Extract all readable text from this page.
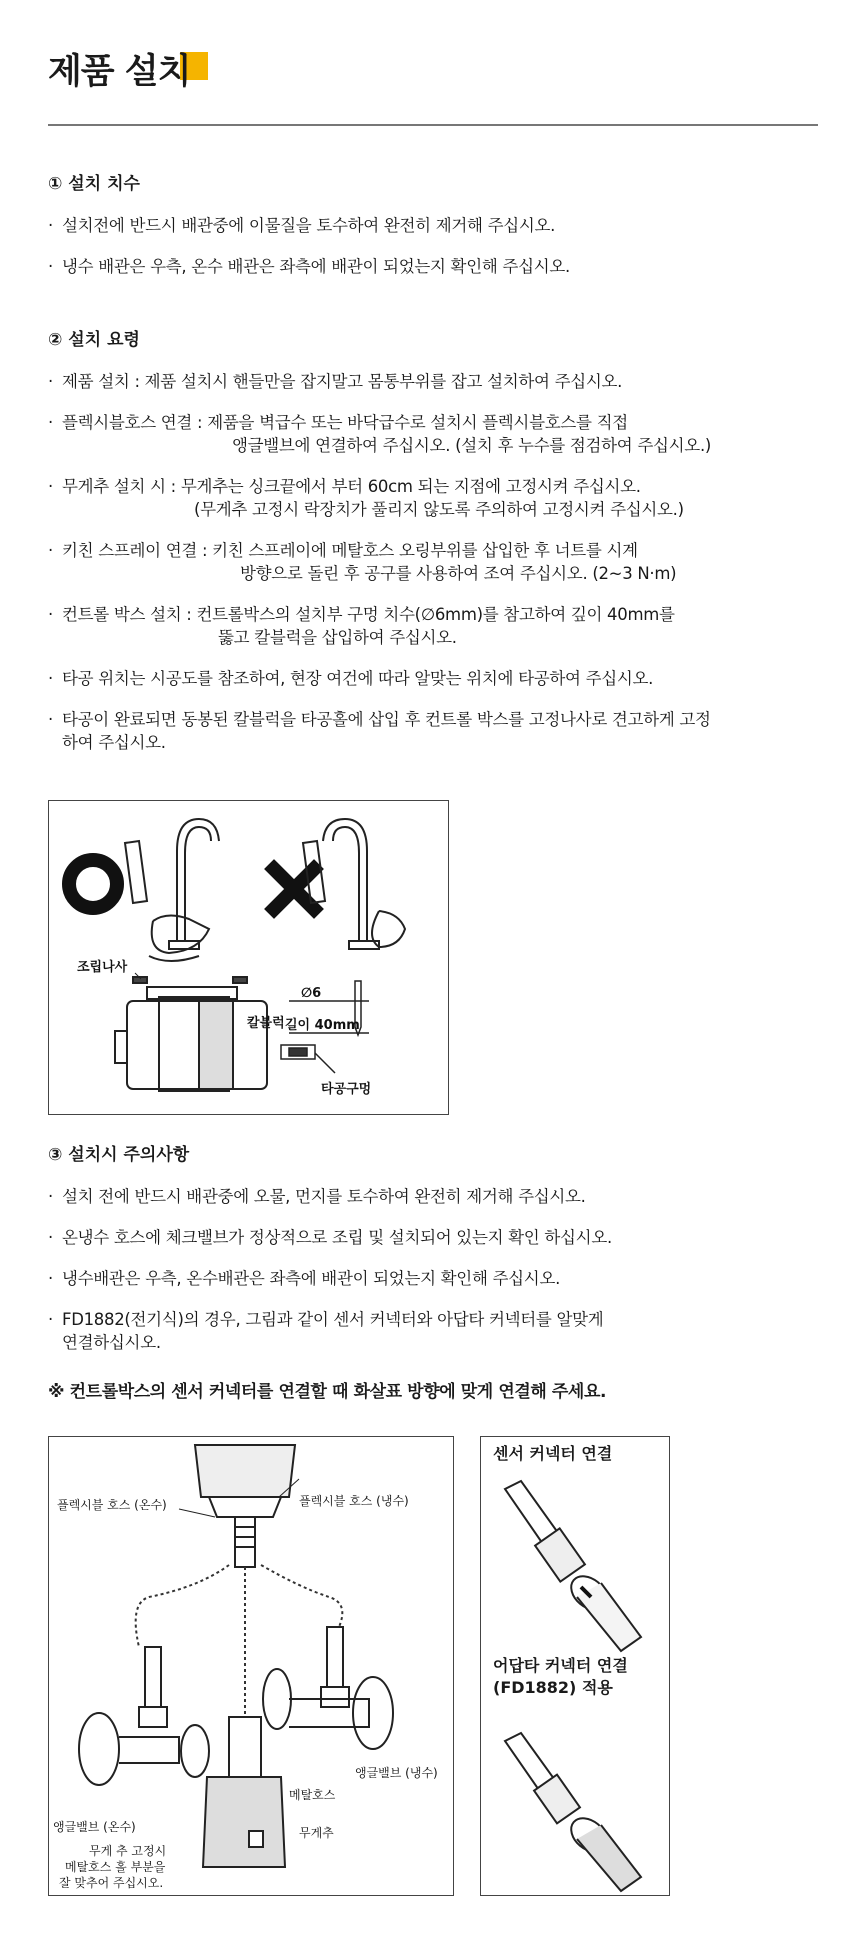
제품 설치

① 설치 치수

· 설치전에 반드시 배관중에 이물질을 토수하여 완전히 제거해 주십시오.

· 냉수 배관은 우측, 온수 배관은 좌측에 배관이 되었는지 확인해 주십시오.

② 설치 요령

· 제품 설치 : 제품 설치시 핸들만을 잡지말고 몸통부위를 잡고 설치하여 주십시오.

· 플렉시블호스 연결 : 제품을 벽급수 또는 바닥급수로 설치시 플렉시블호스를 직접
앵글밸브에 연결하여 주십시오. (설치 후 누수를 점검하여 주십시오.)

· 무게추 설치 시 : 무게추는 싱크끝에서 부터 60cm 되는 지점에 고정시켜 주십시오.
(무게추 고정시 락장치가 풀리지 않도록 주의하여 고정시켜 주십시오.)

· 키친 스프레이 연결 : 키친 스프레이에 메탈호스 오링부위를 삽입한 후 너트를 시계
방향으로 돌린 후 공구를 사용하여 조여 주십시오. (2~3 N·m)

· 컨트롤 박스 설치 : 컨트롤박스의 설치부 구멍 치수(∅6mm)를 참고하여 깊이 40mm를
뚫고 칼블럭을 삽입하여 주십시오.

· 타공 위치는 시공도를 참조하여, 현장 여건에 따라 알맞는 위치에 타공하여 주십시오.

· 타공이 완료되면 동봉된 칼블럭을 타공홀에 삽입 후 컨트롤 박스를 고정나사로 견고하게 고정
하여 주십시오.

조립나사
칼블럭
∅6
길이 40mm
타공구멍

③ 설치시 주의사항

· 설치 전에 반드시 배관중에 오물, 먼지를 토수하여 완전히 제거해 주십시오.

· 온냉수 호스에 체크밸브가 정상적으로 조립 및 설치되어 있는지 확인 하십시오.

· 냉수배관은 우측, 온수배관은 좌측에 배관이 되었는지 확인해 주십시오.

· FD1882(전기식)의 경우, 그림과 같이 센서 커넥터와 아답타 커넥터를 알맞게
연결하십시오.

※ 컨트롤박스의 센서 커넥터를 연결할 때 화살표 방향에 맞게 연결해 주세요.
플렉시블 호스 (온수)	플렉시블 호스 (냉수)
앵글밸브 (냉수)
메탈호스
앵글밸브 (온수)	무게추
무게 추 고정시
메탈호스 홀 부분을
잘 맞추어 주십시오.
센서 커넥터 연결
어답타 커넥터 연결
(FD1882) 적용
